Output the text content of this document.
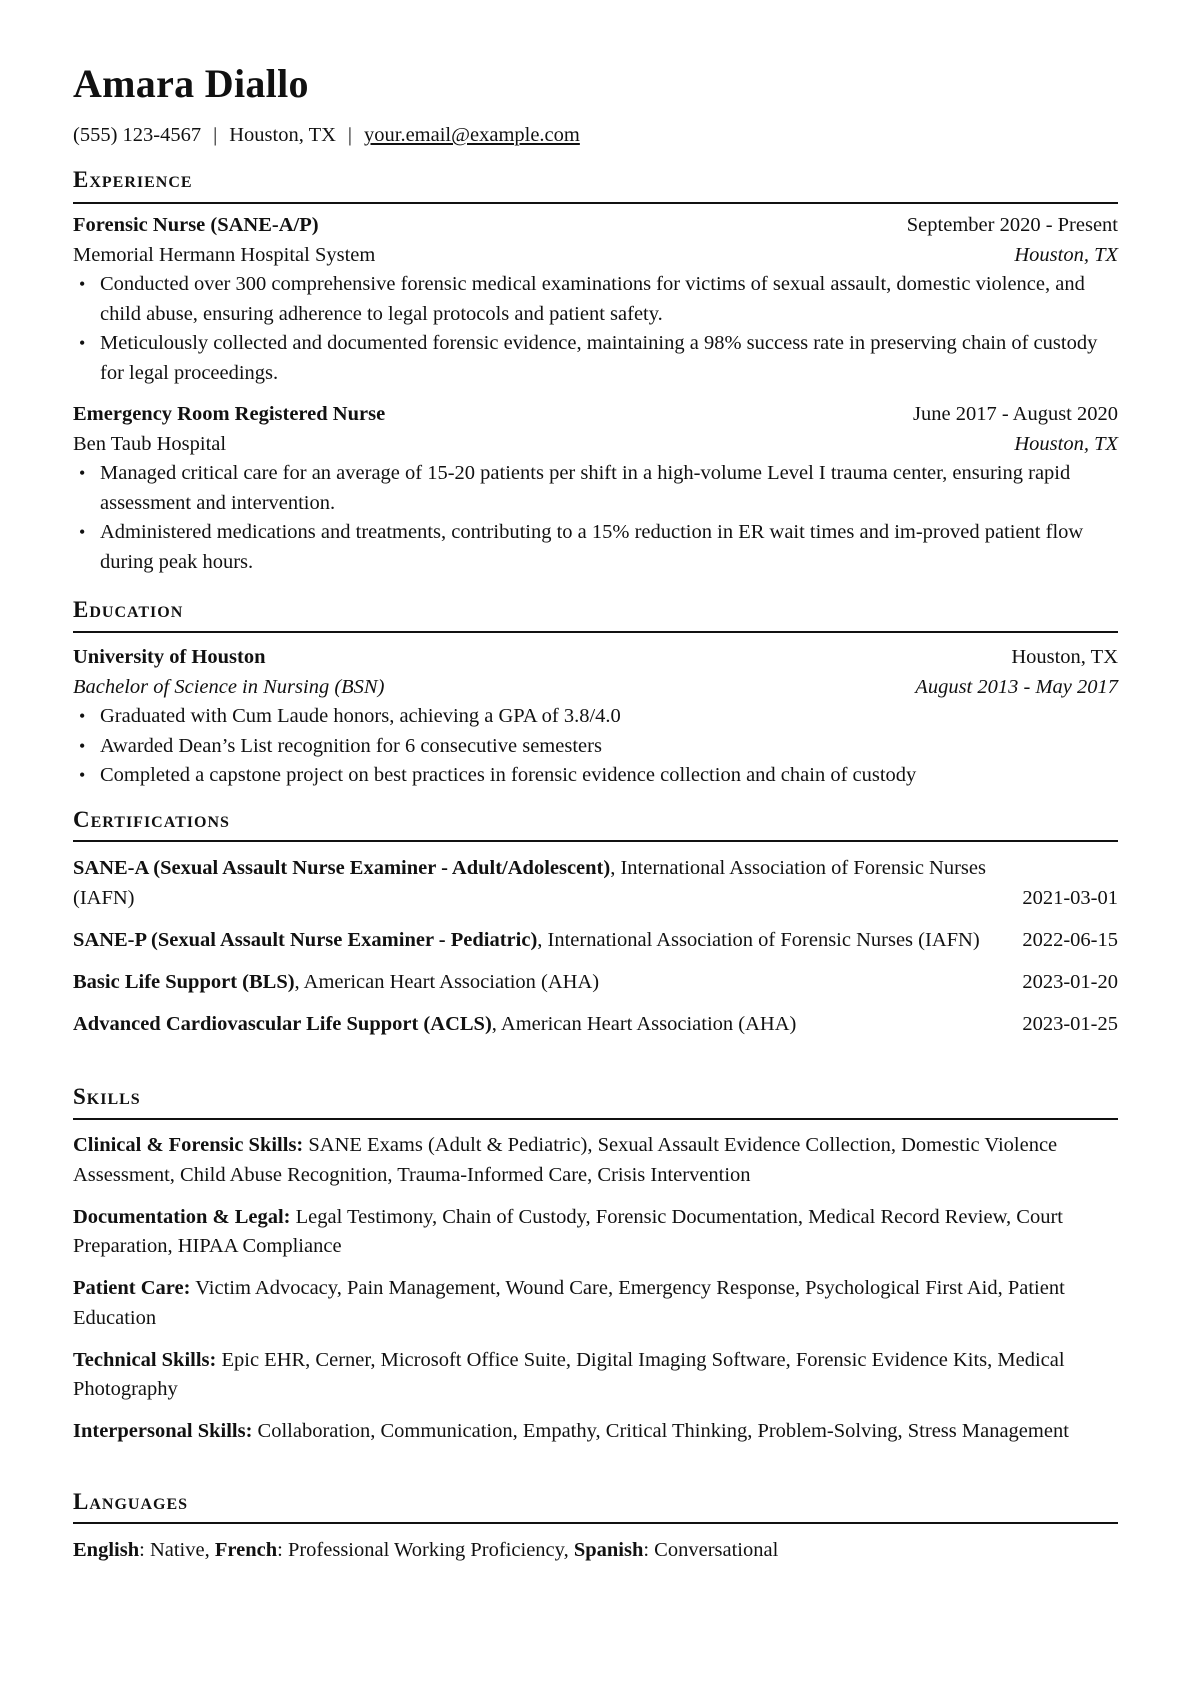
Amara Diallo
(555) 123-4567 | Houston, TX | your.email@example.com
Experience
Forensic Nurse (SANE-A/P)	September 2020 - Present
Memorial Hermann Hospital System	Houston, TX
• Conducted over 300 comprehensive forensic medical examinations for victims of sexual assault, domestic violence, and child abuse, ensuring adherence to legal protocols and patient safety.
• Meticulously collected and documented forensic evidence, maintaining a 98% success rate in preserving chain of custody for legal proceedings.
Emergency Room Registered Nurse	June 2017 - August 2020
Ben Taub Hospital	Houston, TX
• Managed critical care for an average of 15-20 patients per shift in a high-volume Level I trauma center, ensuring rapid assessment and intervention.
• Administered medications and treatments, contributing to a 15% reduction in ER wait times and im-proved patient flow during peak hours.
Education
University of Houston	Houston, TX
Bachelor of Science in Nursing (BSN)	August 2013 - May 2017
• Graduated with Cum Laude honors, achieving a GPA of 3.8/4.0
• Awarded Dean’s List recognition for 6 consecutive semesters
• Completed a capstone project on best practices in forensic evidence collection and chain of custody
Certifications
SANE-A (Sexual Assault Nurse Examiner - Adult/Adolescent), International Association of Forensic Nurses (IAFN)	2021-03-01
SANE-P (Sexual Assault Nurse Examiner - Pediatric), International Association of Forensic Nurses (IAFN)	2022-06-15
Basic Life Support (BLS), American Heart Association (AHA)	2023-01-20
Advanced Cardiovascular Life Support (ACLS), American Heart Association (AHA)	2023-01-25
Skills
Clinical & Forensic Skills: SANE Exams (Adult & Pediatric), Sexual Assault Evidence Collection, Domestic Violence Assessment, Child Abuse Recognition, Trauma-Informed Care, Crisis Intervention
Documentation & Legal: Legal Testimony, Chain of Custody, Forensic Documentation, Medical Record Review, Court Preparation, HIPAA Compliance
Patient Care: Victim Advocacy, Pain Management, Wound Care, Emergency Response, Psychological First Aid, Patient Education
Technical Skills: Epic EHR, Cerner, Microsoft Office Suite, Digital Imaging Software, Forensic Evidence Kits, Medical Photography
Interpersonal Skills: Collaboration, Communication, Empathy, Critical Thinking, Problem-Solving, Stress Management
Languages
English: Native, French: Professional Working Proficiency, Spanish: Conversational
